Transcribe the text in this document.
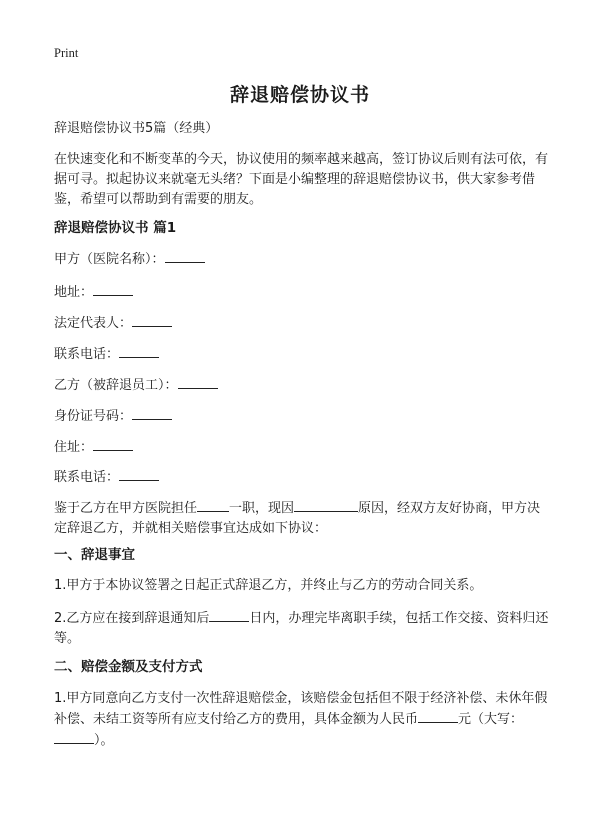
Print
辞退赔偿协议书
辞退赔偿协议书5篇（经典）
在快速变化和不断变革的今天，协议使用的频率越来越高，签订协议后则有法可依，有据可寻。拟起协议来就毫无头绪？下面是小编整理的辞退赔偿协议书，供大家参考借鉴，希望可以帮助到有需要的朋友。
辞退赔偿协议书 篇1
甲方（医院名称）：
地址：
法定代表人：
联系电话：
乙方（被辞退员工）：
身份证号码：
住址：
联系电话：
鉴于乙方在甲方医院担任 一职，现因	原因，经双方友好协商，甲方决定辞退乙方，并就相关赔偿事宜达成如下协议：
一、辞退事宜
1.甲方于本协议签署之日起正式辞退乙方，并终止与乙方的劳动合同关系。
2.乙方应在接到辞退通知后	日内，办理完毕离职手续，包括工作交接、资料归还等。
二、赔偿金额及支付方式
1.甲方同意向乙方支付一次性辞退赔偿金，该赔偿金包括但不限于经济补偿、未休年假补偿、未结工资等所有应支付给乙方的费用，具体金额为人民币	元（大写：）。
